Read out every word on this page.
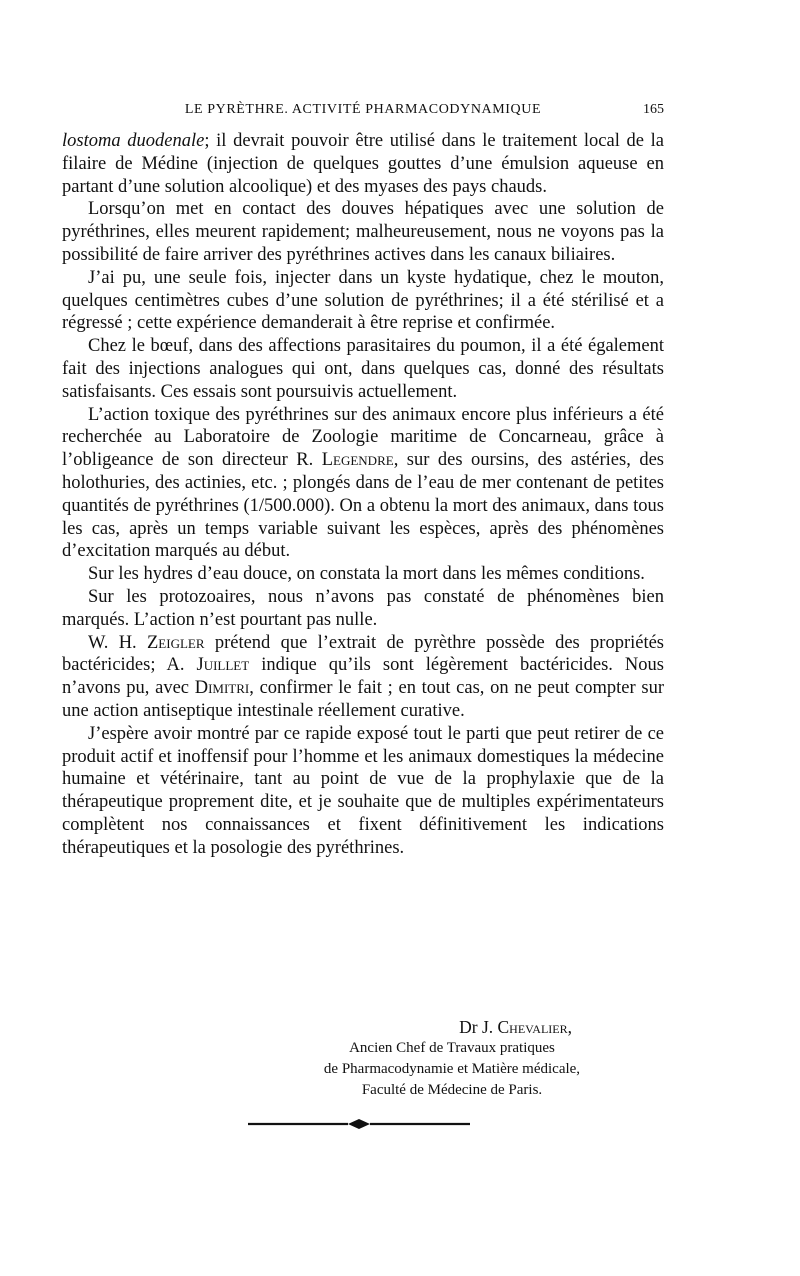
LE PYRÈTHRE. ACTIVITÉ PHARMACODYNAMIQUE	165

lostoma duodenale; il devrait pouvoir être utilisé dans le traitement local de la filaire de Médine (injection de quelques gouttes d’une émulsion aqueuse en partant d’une solution alcoolique) et des myases des pays chauds.

Lorsqu’on met en contact des douves hépatiques avec une solution de pyréthrines, elles meurent rapidement; malheureusement, nous ne voyons pas la possibilité de faire arriver des pyréthrines actives dans les canaux biliaires.

J’ai pu, une seule fois, injecter dans un kyste hydatique, chez le mouton, quelques centimètres cubes d’une solution de pyréthrines; il a été stérilisé et a régressé ; cette expérience demanderait à être reprise et confirmée.

Chez le bœuf, dans des affections parasitaires du poumon, il a été également fait des injections analogues qui ont, dans quelques cas, donné des résultats satisfaisants. Ces essais sont poursuivis actuellement.

L’action toxique des pyréthrines sur des animaux encore plus inférieurs a été recherchée au Laboratoire de Zoologie maritime de Concarneau, grâce à l’obligeance de son directeur R. Legendre, sur des oursins, des astéries, des holothuries, des actinies, etc. ; plongés dans de l’eau de mer contenant de petites quantités de pyréthrines (1/500.000). On a obtenu la mort des animaux, dans tous les cas, après un temps variable suivant les espèces, après des phénomènes d’excitation marqués au début.

Sur les hydres d’eau douce, on constata la mort dans les mêmes conditions.

Sur les protozoaires, nous n’avons pas constaté de phénomènes bien marqués. L’action n’est pourtant pas nulle.

W. H. Zeigler prétend que l’extrait de pyrèthre possède des propriétés bactéricides; A. Juillet indique qu’ils sont légèrement bactéricides. Nous n’avons pu, avec Dimitri, confirmer le fait ; en tout cas, on ne peut compter sur une action antiseptique intestinale réellement curative.

J’espère avoir montré par ce rapide exposé tout le parti que peut retirer de ce produit actif et inoffensif pour l’homme et les animaux domestiques la médecine humaine et vétérinaire, tant au point de vue de la prophylaxie que de la thérapeutique proprement dite, et je souhaite que de multiples expérimentateurs complètent nos connaissances et fixent définitivement les indications thérapeutiques et la posologie des pyréthrines.

Dr J. Chevalier,
Ancien Chef de Travaux pratiques
de Pharmacodynamie et Matière médicale,
Faculté de Médecine de Paris.
